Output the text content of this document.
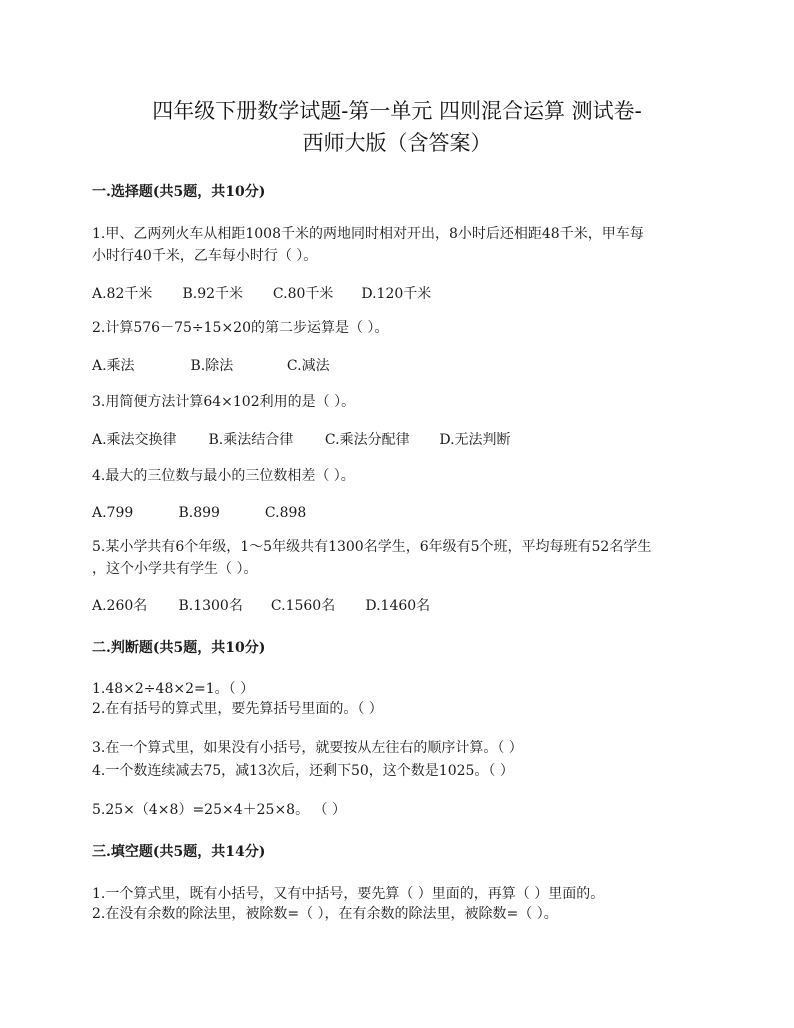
四年级下册数学试题-第一单元 四则混合运算 测试卷-
西师大版（含答案）
一.选择题(共5题，共10分)
1.甲、乙两列火车从相距1008千米的两地同时相对开出，8小时后还相距48千米，甲车每
小时行40千米，乙车每小时行（ ）。
A.82千米 B.92千米 C.80千米 D.120千米
2.计算576－75÷15×20的第二步运算是（ ）。
A.乘法	B.除法	C.减法
3.用简便方法计算64×102利用的是（ ）。
A.乘法交换律 B.乘法结合律 C.乘法分配律 D.无法判断
4.最大的三位数与最小的三位数相差（ ）。
A.799	B.899	C.898
5.某小学共有6个年级，1～5年级共有1300名学生，6年级有5个班，平均每班有52名学生
，这个小学共有学生（ ）。
A.260名 B.1300名 C.1560名 D.1460名
二.判断题(共5题，共10分)
1.48×2÷48×2=1。（ ）
2.在有括号的算式里，要先算括号里面的。（ ）
3.在一个算式里，如果没有小括号，就要按从左往右的顺序计算。（ ）
4.一个数连续减去75，减13次后，还剩下50，这个数是1025。（ ）
5.25×（4×8）=25×4＋25×8。 （ ）
三.填空题(共5题，共14分)
1.一个算式里，既有小括号，又有中括号，要先算（ ）里面的，再算（ ）里面的。
2.在没有余数的除法里，被除数=（ ），在有余数的除法里，被除数=（ ）。
